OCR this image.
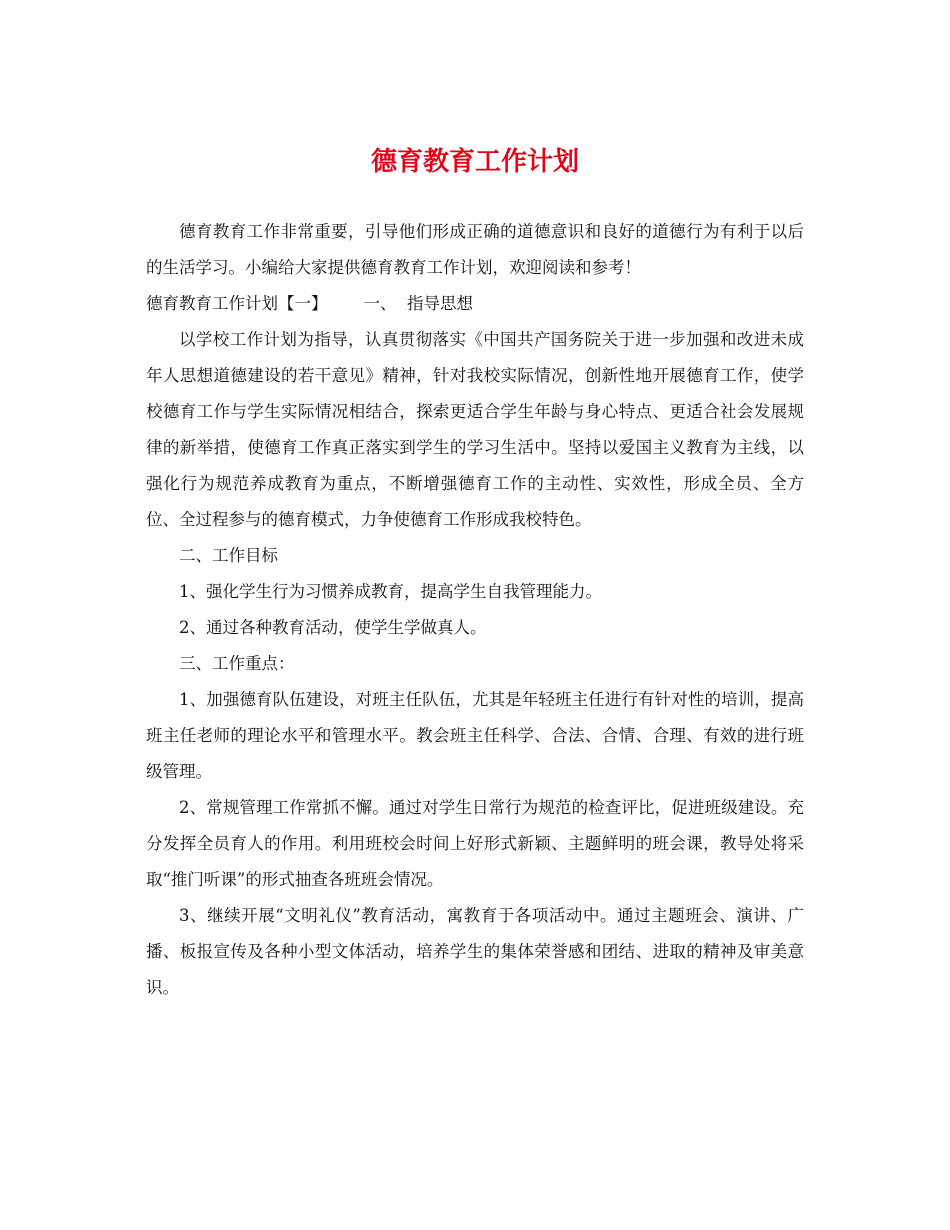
德育教育工作计划

德育教育工作非常重要，引导他们形成正确的道德意识和良好的道德行为有利于以后的生活学习。小编给大家提供德育教育工作计划，欢迎阅读和参考！

德育教育工作计划【一】 一、  指导思想

以学校工作计划为指导，认真贯彻落实《中国共产国务院关于进一步加强和改进未成年人思想道德建设的若干意见》精神，针对我校实际情况，创新性地开展德育工作，使学校德育工作与学生实际情况相结合，探索更适合学生年龄与身心特点、更适合社会发展规律的新举措，使德育工作真正落实到学生的学习生活中。坚持以爱国主义教育为主线，以强化行为规范养成教育为重点，不断增强德育工作的主动性、实效性，形成全员、全方位、全过程参与的德育模式，力争使德育工作形成我校特色。

二、工作目标

1、强化学生行为习惯养成教育，提高学生自我管理能力。

2、通过各种教育活动，使学生学做真人。

三、工作重点：

1、加强德育队伍建设，对班主任队伍，尤其是年轻班主任进行有针对性的培训，提高班主任老师的理论水平和管理水平。教会班主任科学、合法、合情、合理、有效的进行班级管理。

2、常规管理工作常抓不懈。通过对学生日常行为规范的检查评比，促进班级建设。充分发挥全员育人的作用。利用班校会时间上好形式新颖、主题鲜明的班会课，教导处将采取“推门听课”的形式抽查各班班会情况。

3、继续开展“文明礼仪”教育活动，寓教育于各项活动中。通过主题班会、演讲、广播、板报宣传及各种小型文体活动，培养学生的集体荣誉感和团结、进取的精神及审美意识。
